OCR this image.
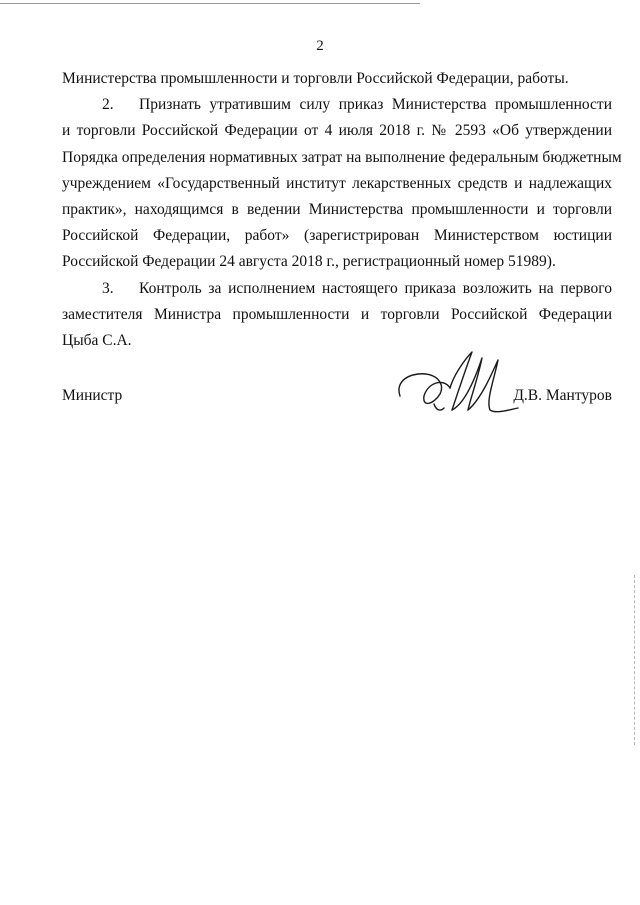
2
Министерства промышленности и торговли Российской Федерации, работы.
2. Признать утратившим силу приказ Министерства промышленности
и торговли Российской Федерации от 4 июля 2018 г. № 2593 «Об утверждении
Порядка определения нормативных затрат на выполнение федеральным бюджетным
учреждением «Государственный институт лекарственных средств и надлежащих
практик», находящимся в ведении Министерства промышленности и торговли
Российской Федерации, работ» (зарегистрирован Министерством юстиции
Российской Федерации 24 августа 2018 г., регистрационный номер 51989).
3. Контроль за исполнением настоящего приказа возложить на первого
заместителя Министра промышленности и торговли Российской Федерации
Цыба С.А.
Министр	Д.В. Мантуров
